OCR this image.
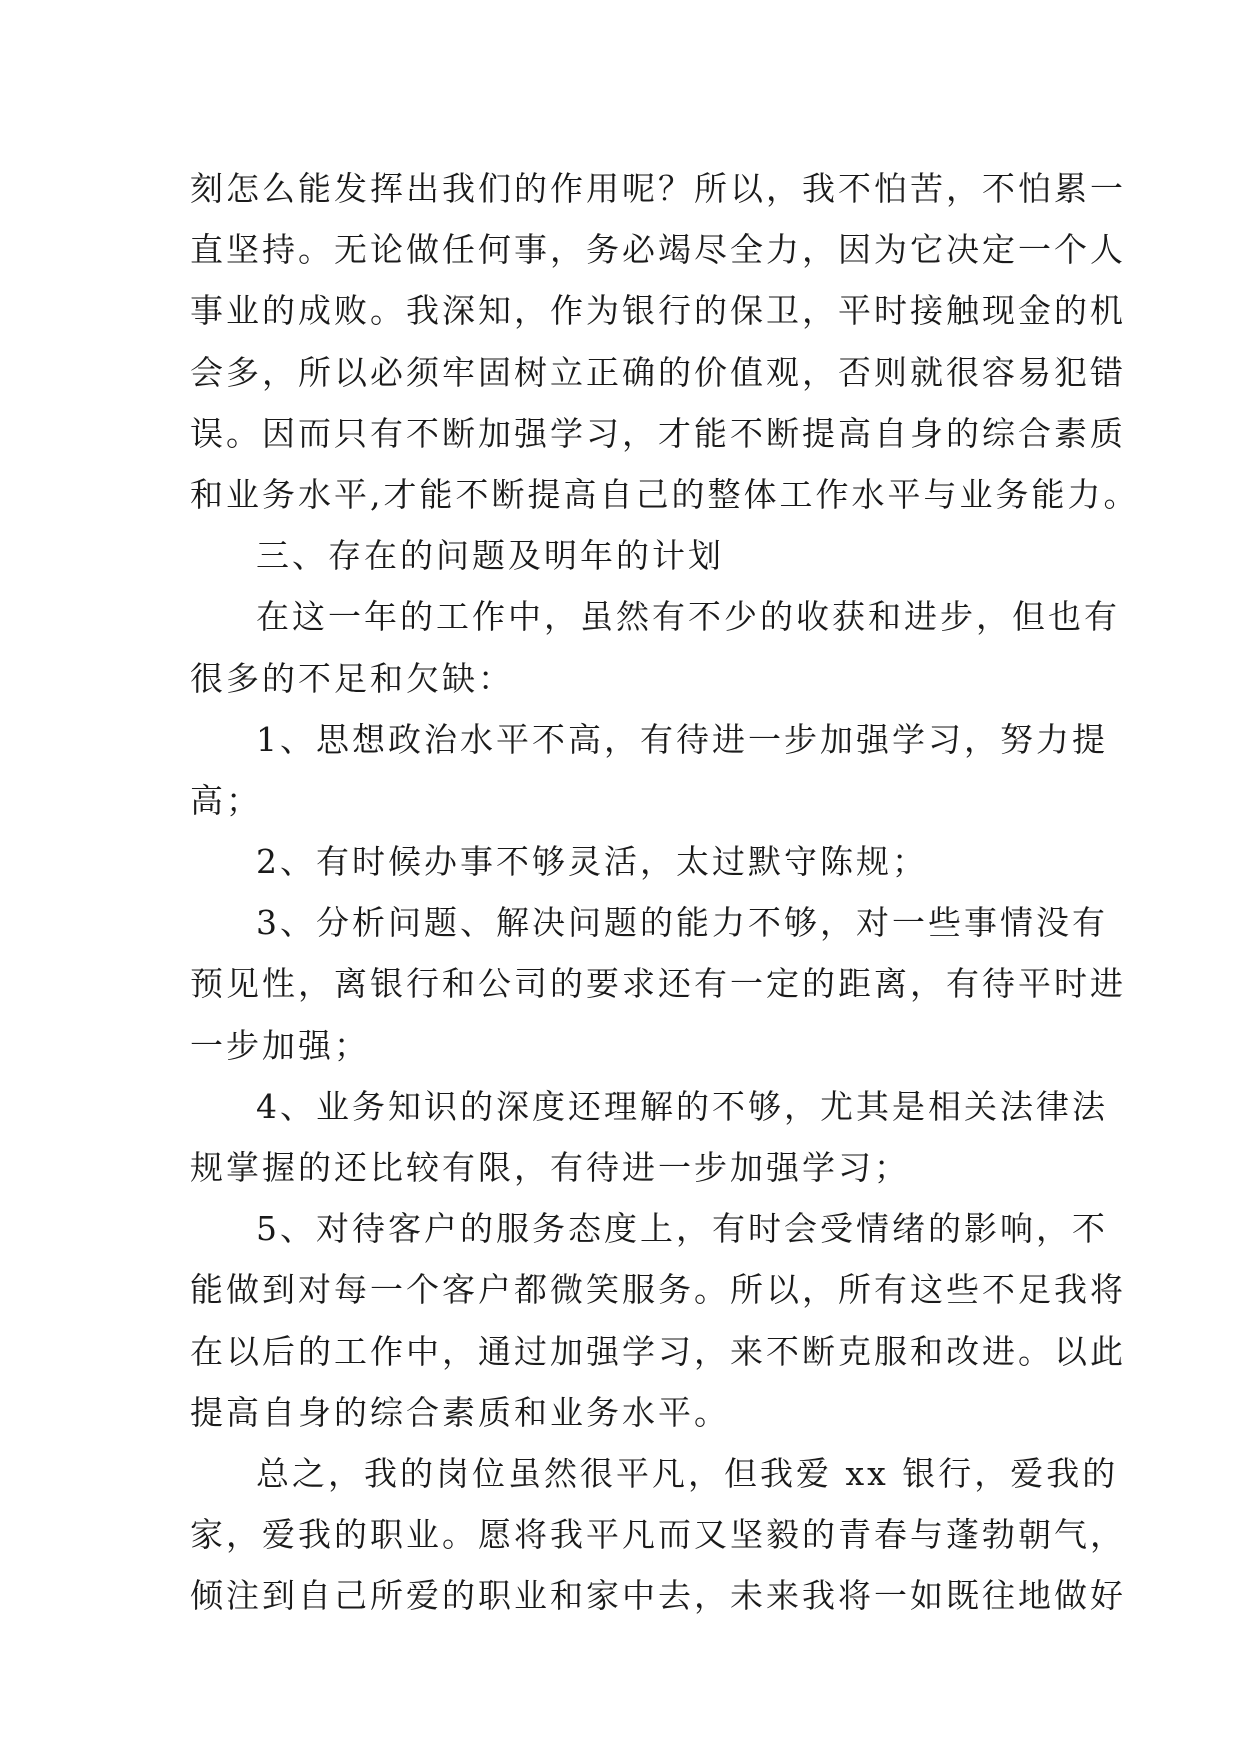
刻怎么能发挥出我们的作用呢？所以，我不怕苦，不怕累一
直坚持。无论做任何事，务必竭尽全力，因为它决定一个人
事业的成败。我深知，作为银行的保卫，平时接触现金的机
会多，所以必须牢固树立正确的价值观，否则就很容易犯错
误。因而只有不断加强学习，才能不断提高自身的综合素质
和业务水平,才能不断提高自己的整体工作水平与业务能力。
三、存在的问题及明年的计划
在这一年的工作中，虽然有不少的收获和进步，但也有
很多的不足和欠缺：
1、思想政治水平不高，有待进一步加强学习，努力提
高；
2、有时候办事不够灵活，太过默守陈规；
3、分析问题、解决问题的能力不够，对一些事情没有
预见性，离银行和公司的要求还有一定的距离，有待平时进
一步加强；
4、业务知识的深度还理解的不够，尤其是相关法律法
规掌握的还比较有限，有待进一步加强学习；
5、对待客户的服务态度上，有时会受情绪的影响，不
能做到对每一个客户都微笑服务。所以，所有这些不足我将
在以后的工作中，通过加强学习，来不断克服和改进。以此
提高自身的综合素质和业务水平。
总之，我的岗位虽然很平凡，但我爱 xx 银行，爱我的
家，爱我的职业。愿将我平凡而又坚毅的青春与蓬勃朝气，
倾注到自己所爱的职业和家中去，未来我将一如既往地做好
